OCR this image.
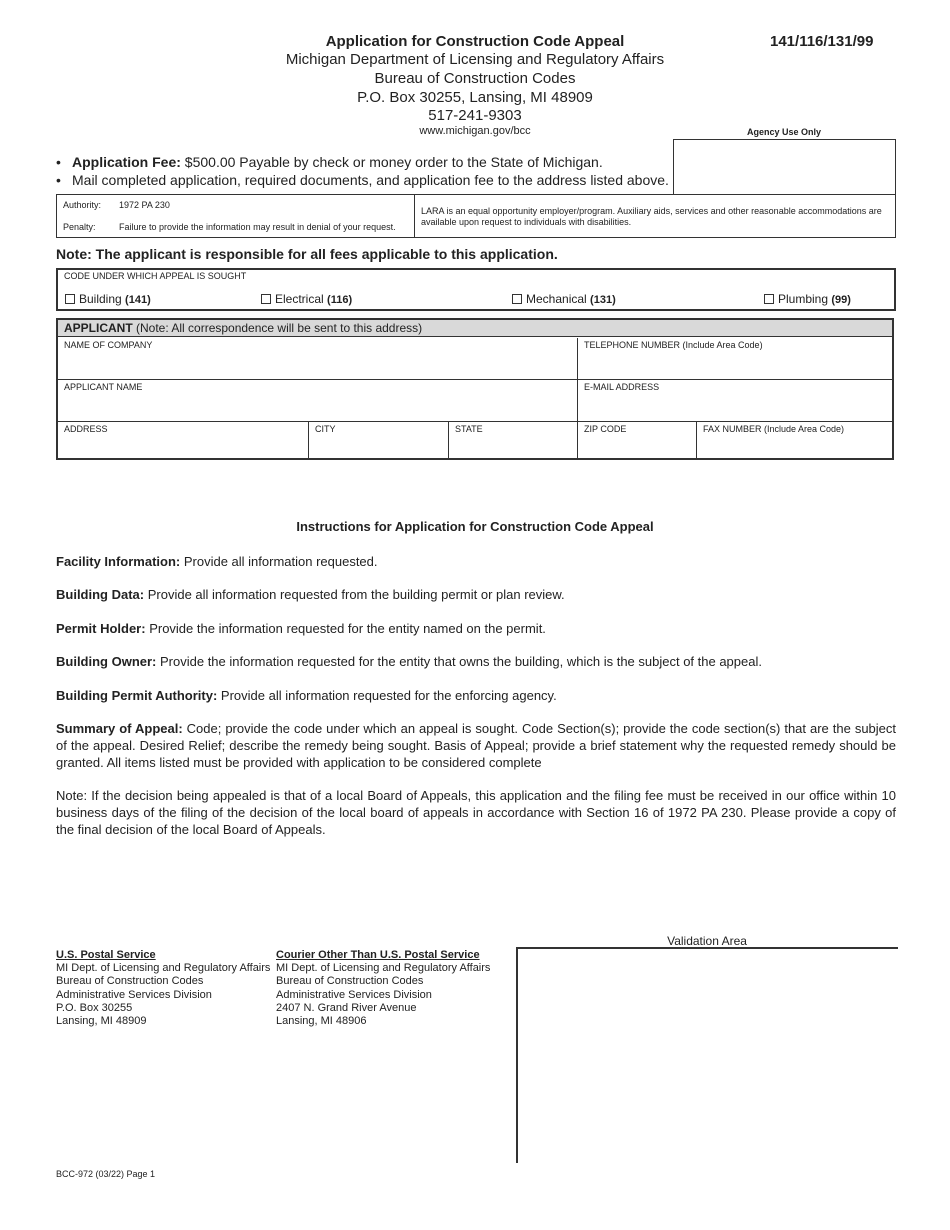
Application for Construction Code Appeal	141/116/131/99
Michigan Department of Licensing and Regulatory Affairs
Bureau of Construction Codes
P.O. Box 30255, Lansing, MI 48909
517-241-9303
www.michigan.gov/bcc	Agency Use Only
• Application Fee: $500.00 Payable by check or money order to the State of Michigan.
• Mail completed application, required documents, and application fee to the address listed above.
Authority: 1972 PA 230
Penalty:	Failure to provide the information may result in denial of your request.
LARA is an equal opportunity employer/program. Auxiliary aids, services and other reasonable accommodations are available upon request to individuals with disabilities.
Note: The applicant is responsible for all fees applicable to this application.
CODE UNDER WHICH APPEAL IS SOUGHT
Building (141)	Electrical (116)	Mechanical (131)	Plumbing (99)
APPLICANT (Note: All correspondence will be sent to this address)
NAME OF COMPANY	TELEPHONE NUMBER (Include Area Code)
APPLICANT NAME	E-MAIL ADDRESS
ADDRESS	CITY	STATE	ZIP CODE	FAX NUMBER (Include Area Code)
Instructions for Application for Construction Code Appeal
Facility Information: Provide all information requested.
Building Data: Provide all information requested from the building permit or plan review.
Permit Holder: Provide the information requested for the entity named on the permit.
Building Owner: Provide the information requested for the entity that owns the building, which is the subject of the appeal.
Building Permit Authority: Provide all information requested for the enforcing agency.
Summary of Appeal: Code; provide the code under which an appeal is sought. Code Section(s); provide the code section(s) that are the subject of the appeal. Desired Relief; describe the remedy being sought. Basis of Appeal; provide a brief statement why the requested remedy should be granted. All items listed must be provided with application to be considered complete
Note: If the decision being appealed is that of a local Board of Appeals, this application and the filing fee must be received in our office within 10 business days of the filing of the decision of the local board of appeals in accordance with Section 16 of 1972 PA 230. Please provide a copy of the final decision of the local Board of Appeals.
U.S. Postal Service
MI Dept. of Licensing and Regulatory Affairs
Bureau of Construction Codes
Administrative Services Division
P.O. Box 30255
Lansing, MI 48909
Courier Other Than U.S. Postal Service
MI Dept. of Licensing and Regulatory Affairs
Bureau of Construction Codes
Administrative Services Division
2407 N. Grand River Avenue
Lansing, MI 48906
Validation Area
BCC-972 (03/22) Page 1
